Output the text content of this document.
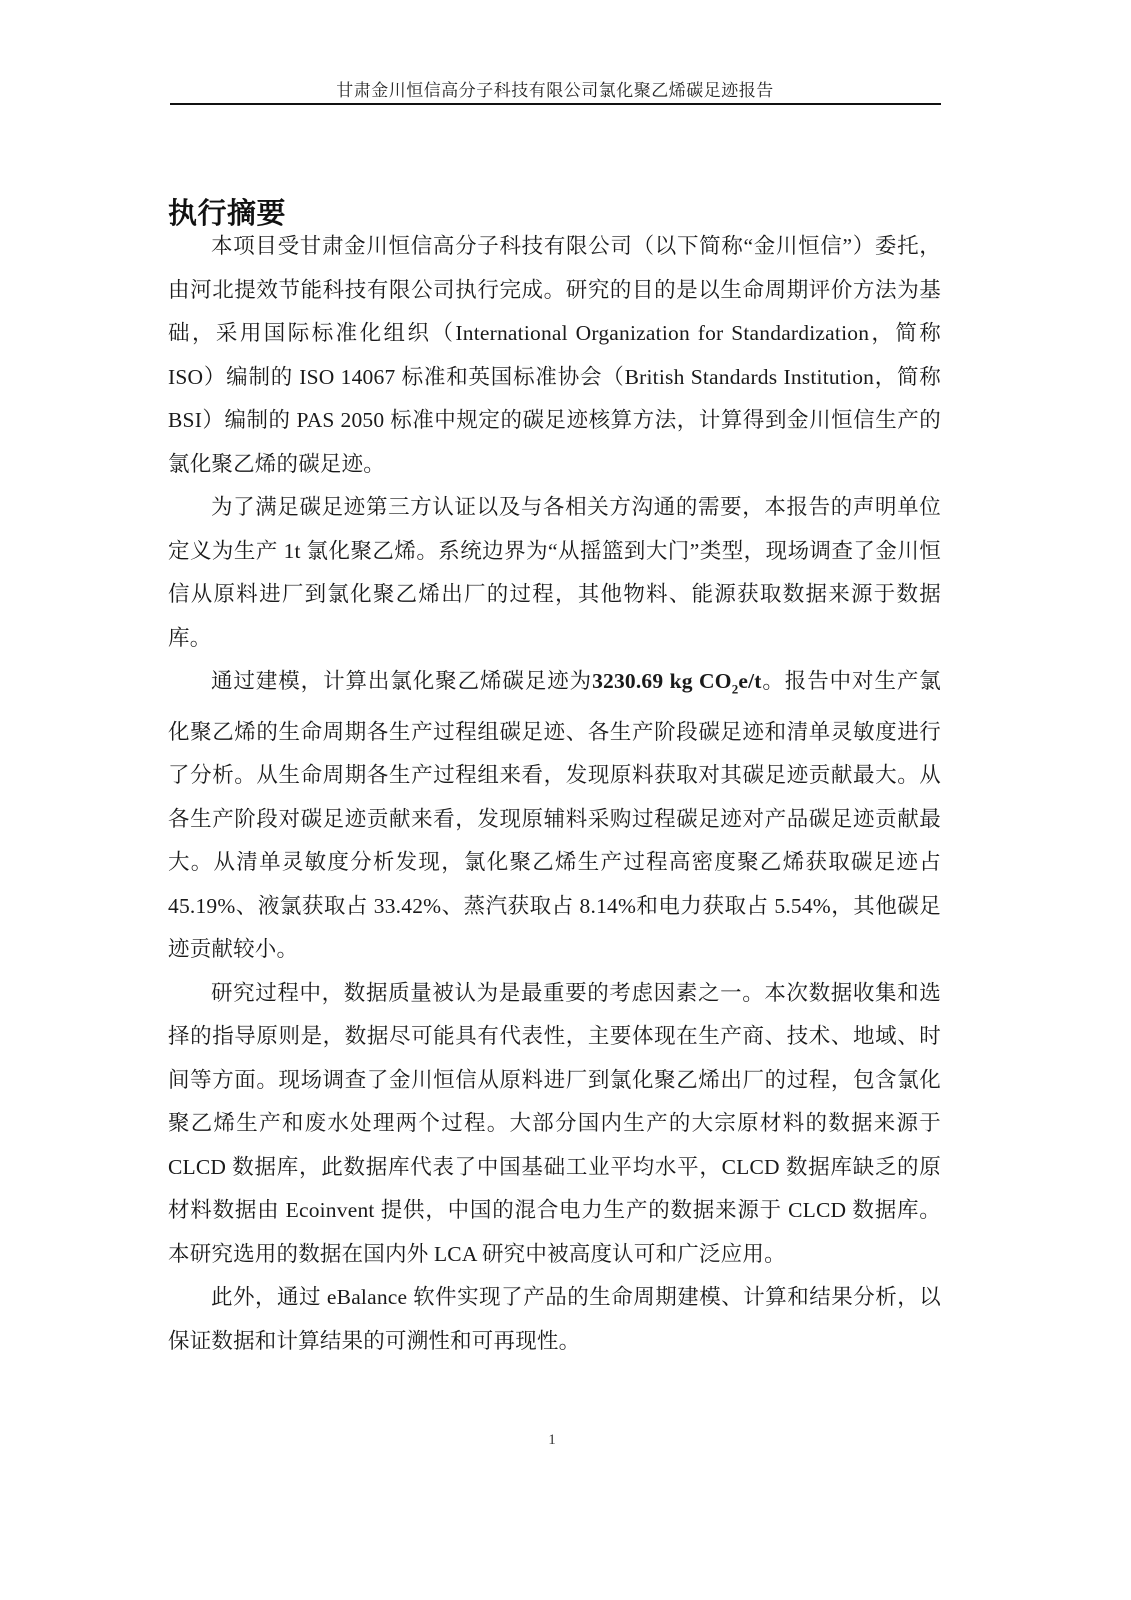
甘肃金川恒信高分子科技有限公司氯化聚乙烯碳足迹报告
执行摘要

本项目受甘肃金川恒信高分子科技有限公司（以下简称“金川恒信”）委托，由河北提效节能科技有限公司执行完成。研究的目的是以生命周期评价方法为基础，采用国际标准化组织（International Organization for Standardization，简称 ISO）编制的 ISO 14067 标准和英国标准协会（British Standards Institution，简称 BSI）编制的 PAS 2050 标准中规定的碳足迹核算方法，计算得到金川恒信生产的氯化聚乙烯的碳足迹。

为了满足碳足迹第三方认证以及与各相关方沟通的需要，本报告的声明单位定义为生产 1t 氯化聚乙烯。系统边界为“从摇篮到大门”类型，现场调查了金川恒信从原料进厂到氯化聚乙烯出厂的过程，其他物料、能源获取数据来源于数据库。

通过建模，计算出氯化聚乙烯碳足迹为3230.69 kg $CO_2e/t$。报告中对生产氯化聚乙烯的生命周期各生产过程组碳足迹、各生产阶段碳足迹和清单灵敏度进行了分析。从生命周期各生产过程组来看，发现原料获取对其碳足迹贡献最大。从各生产阶段对碳足迹贡献来看，发现原辅料采购过程碳足迹对产品碳足迹贡献最大。从清单灵敏度分析发现，氯化聚乙烯生产过程高密度聚乙烯获取碳足迹占 45.19%、液氯获取占 33.42%、蒸汽获取占 8.14%和电力获取占 5.54%，其他碳足迹贡献较小。

研究过程中，数据质量被认为是最重要的考虑因素之一。本次数据收集和选择的指导原则是，数据尽可能具有代表性，主要体现在生产商、技术、地域、时间等方面。现场调查了金川恒信从原料进厂到氯化聚乙烯出厂的过程，包含氯化聚乙烯生产和废水处理两个过程。大部分国内生产的大宗原材料的数据来源于 CLCD 数据库，此数据库代表了中国基础工业平均水平，CLCD 数据库缺乏的原材料数据由 Ecoinvent 提供，中国的混合电力生产的数据来源于 CLCD 数据库。本研究选用的数据在国内外 LCA 研究中被高度认可和广泛应用。

此外，通过 eBalance 软件实现了产品的生命周期建模、计算和结果分析，以保证数据和计算结果的可溯性和可再现性。

1
